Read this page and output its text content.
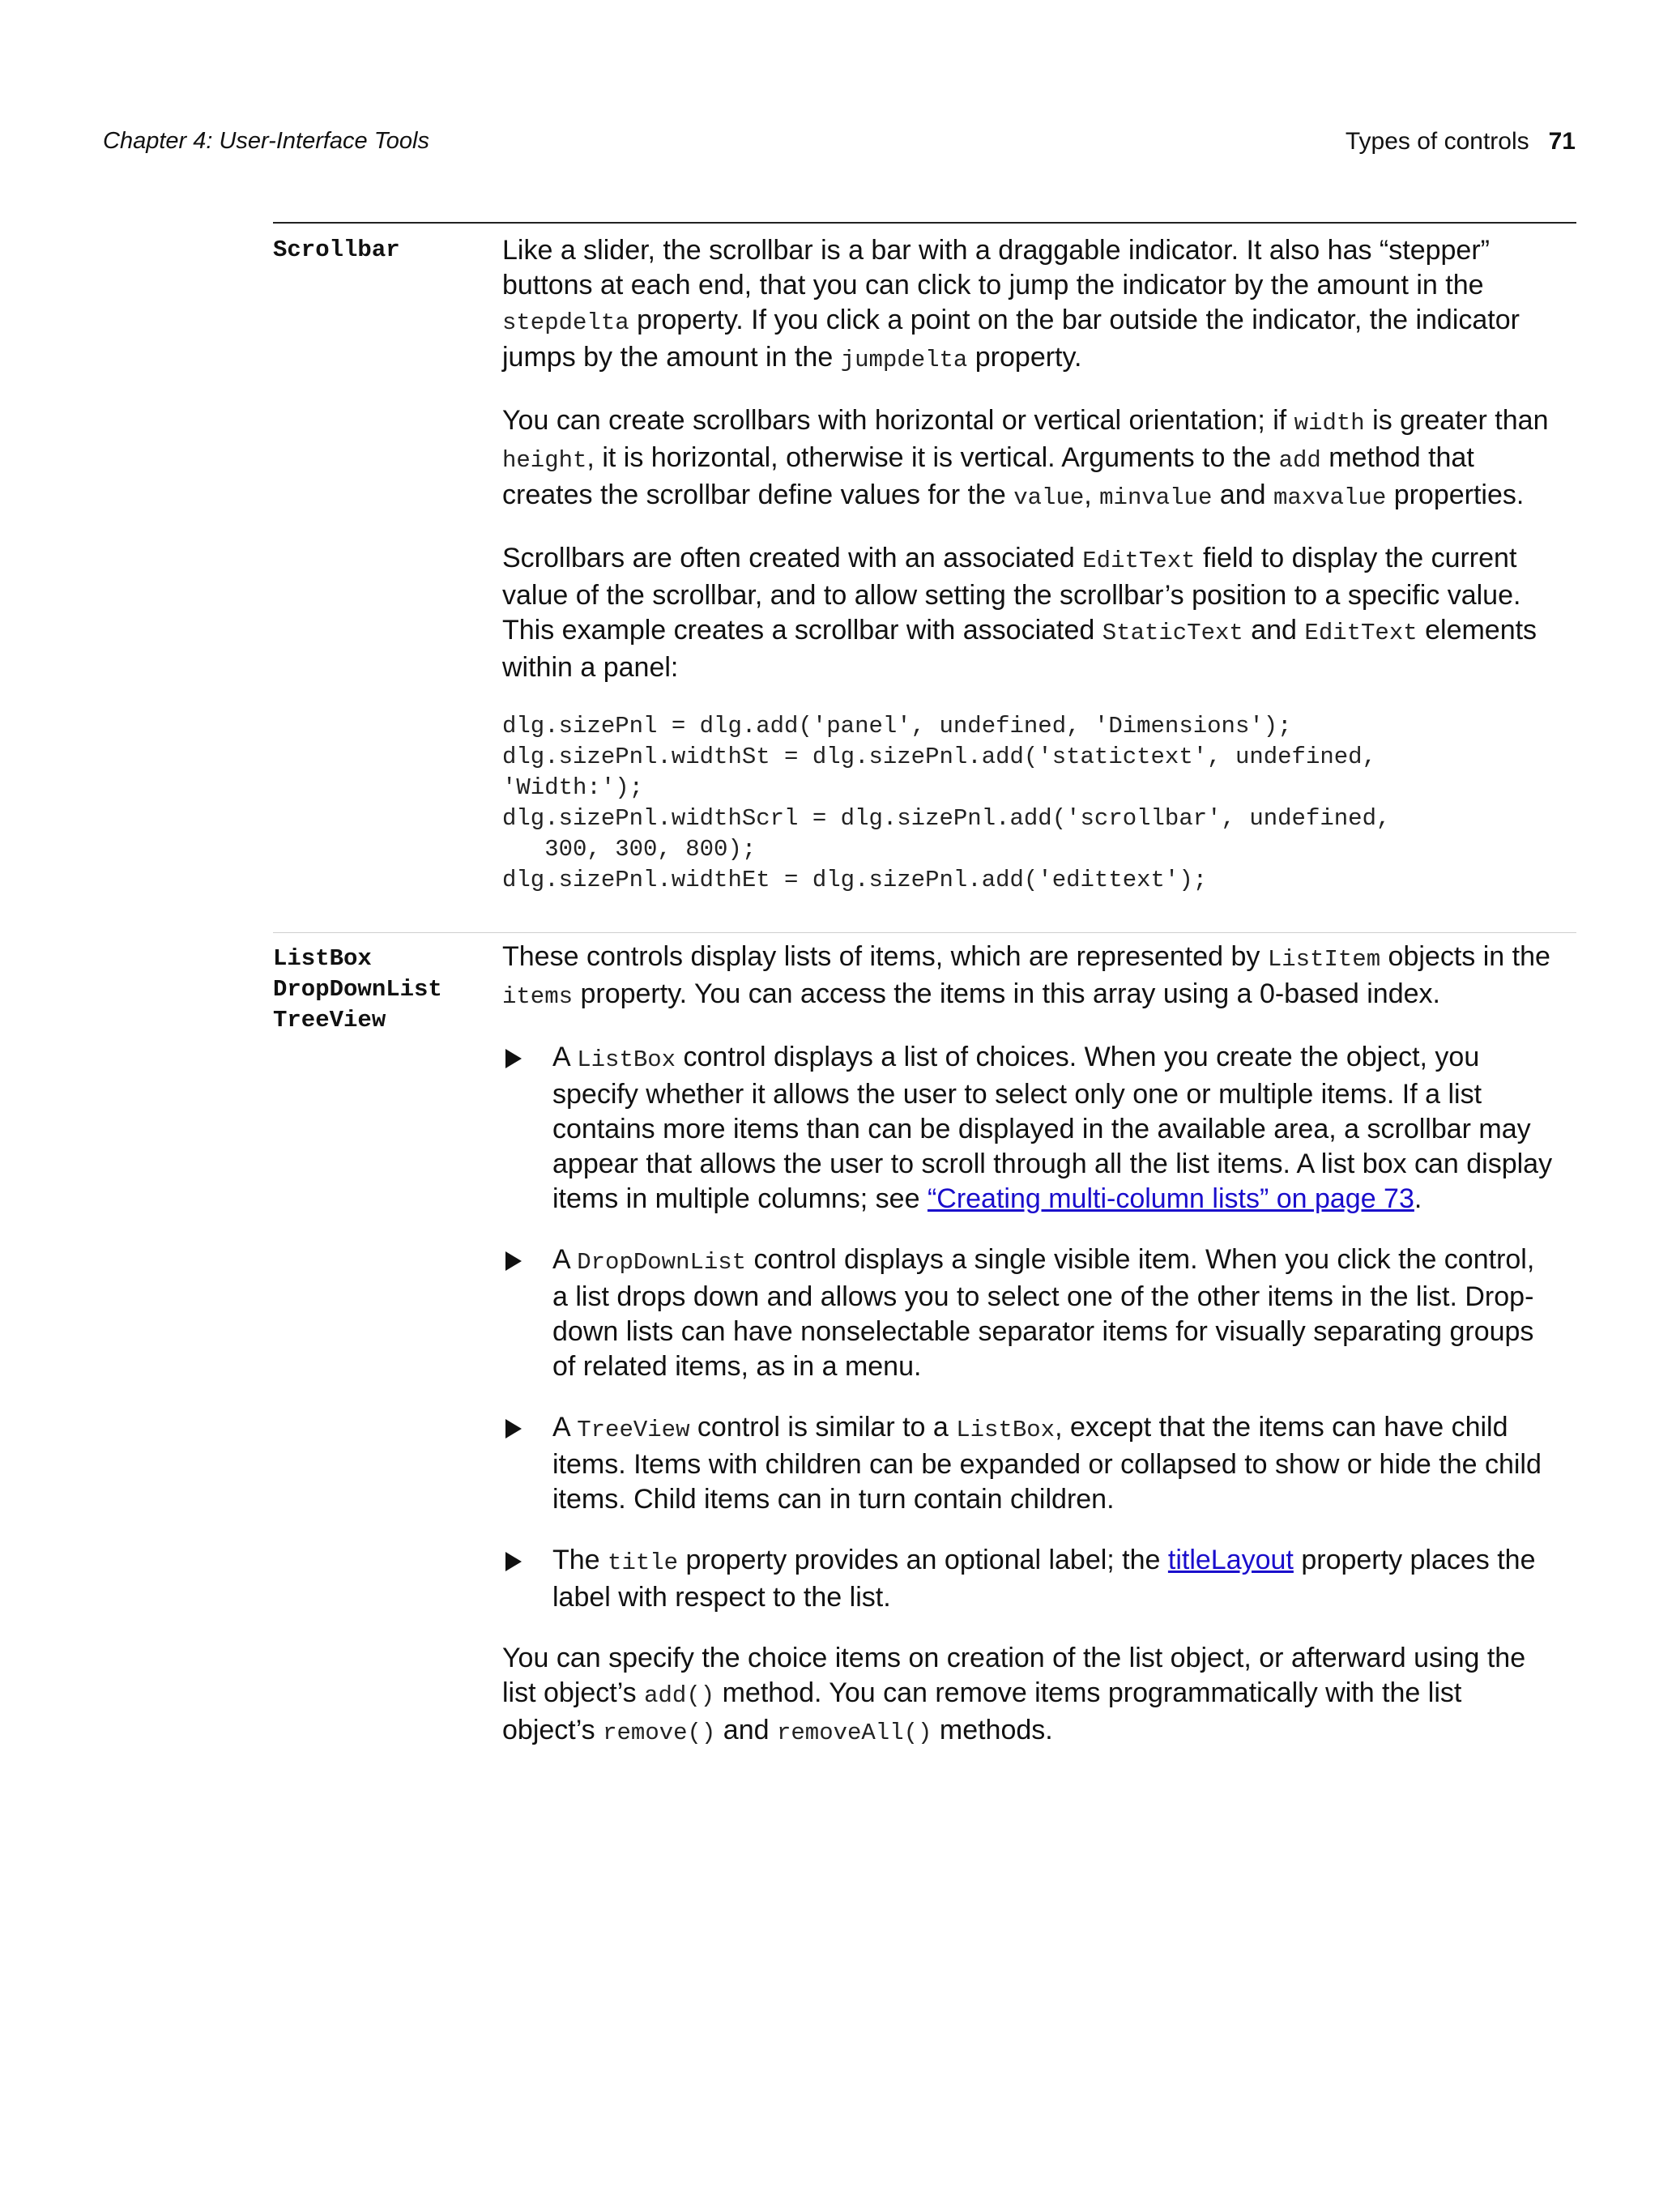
Chapter 4: User-Interface Tools	Types of controls 71
Scrollbar	Like a slider, the scrollbar is a bar with a draggable indicator. It also has “stepper” buttons at each end, that you can click to jump the indicator by the amount in the stepdelta property. If you click a point on the bar outside the indicator, the indicator jumps by the amount in the jumpdelta property.

You can create scrollbars with horizontal or vertical orientation; if width is greater than height, it is horizontal, otherwise it is vertical. Arguments to the add method that creates the scrollbar define values for the value, minvalue and maxvalue properties.

Scrollbars are often created with an associated EditText field to display the current value of the scrollbar, and to allow setting the scrollbar’s position to a specific value. This example creates a scrollbar with associated StaticText and EditText elements within a panel:

dlg.sizePnl = dlg.add('panel', undefined, 'Dimensions');
dlg.sizePnl.widthSt = dlg.sizePnl.add('statictext', undefined,
'Width:');
dlg.sizePnl.widthScrl = dlg.sizePnl.add('scrollbar', undefined,
300, 300, 800);
dlg.sizePnl.widthEt = dlg.sizePnl.add('edittext');
ListBox
DropDownList
TreeView

These controls display lists of items, which are represented by ListItem objects in the items property. You can access the items in this array using a 0-based index.

A ListBox control displays a list of choices. When you create the object, you specify whether it allows the user to select only one or multiple items. If a list contains more items than can be displayed in the available area, a scrollbar may appear that allows the user to scroll through all the list items. A list box can display items in multiple columns; see “Creating multi-column lists” on page 73.
A DropDownList control displays a single visible item. When you click the control, a list drops down and allows you to select one of the other items in the list. Drop-down lists can have nonselectable separator items for visually separating groups of related items, as in a menu.
A TreeView control is similar to a ListBox, except that the items can have child items. Items with children can be expanded or collapsed to show or hide the child items. Child items can in turn contain children.
The title property provides an optional label; the titleLayout property places the label with respect to the list.

You can specify the choice items on creation of the list object, or afterward using the list object’s add() method. You can remove items programmatically with the list object’s remove() and removeAll() methods.
